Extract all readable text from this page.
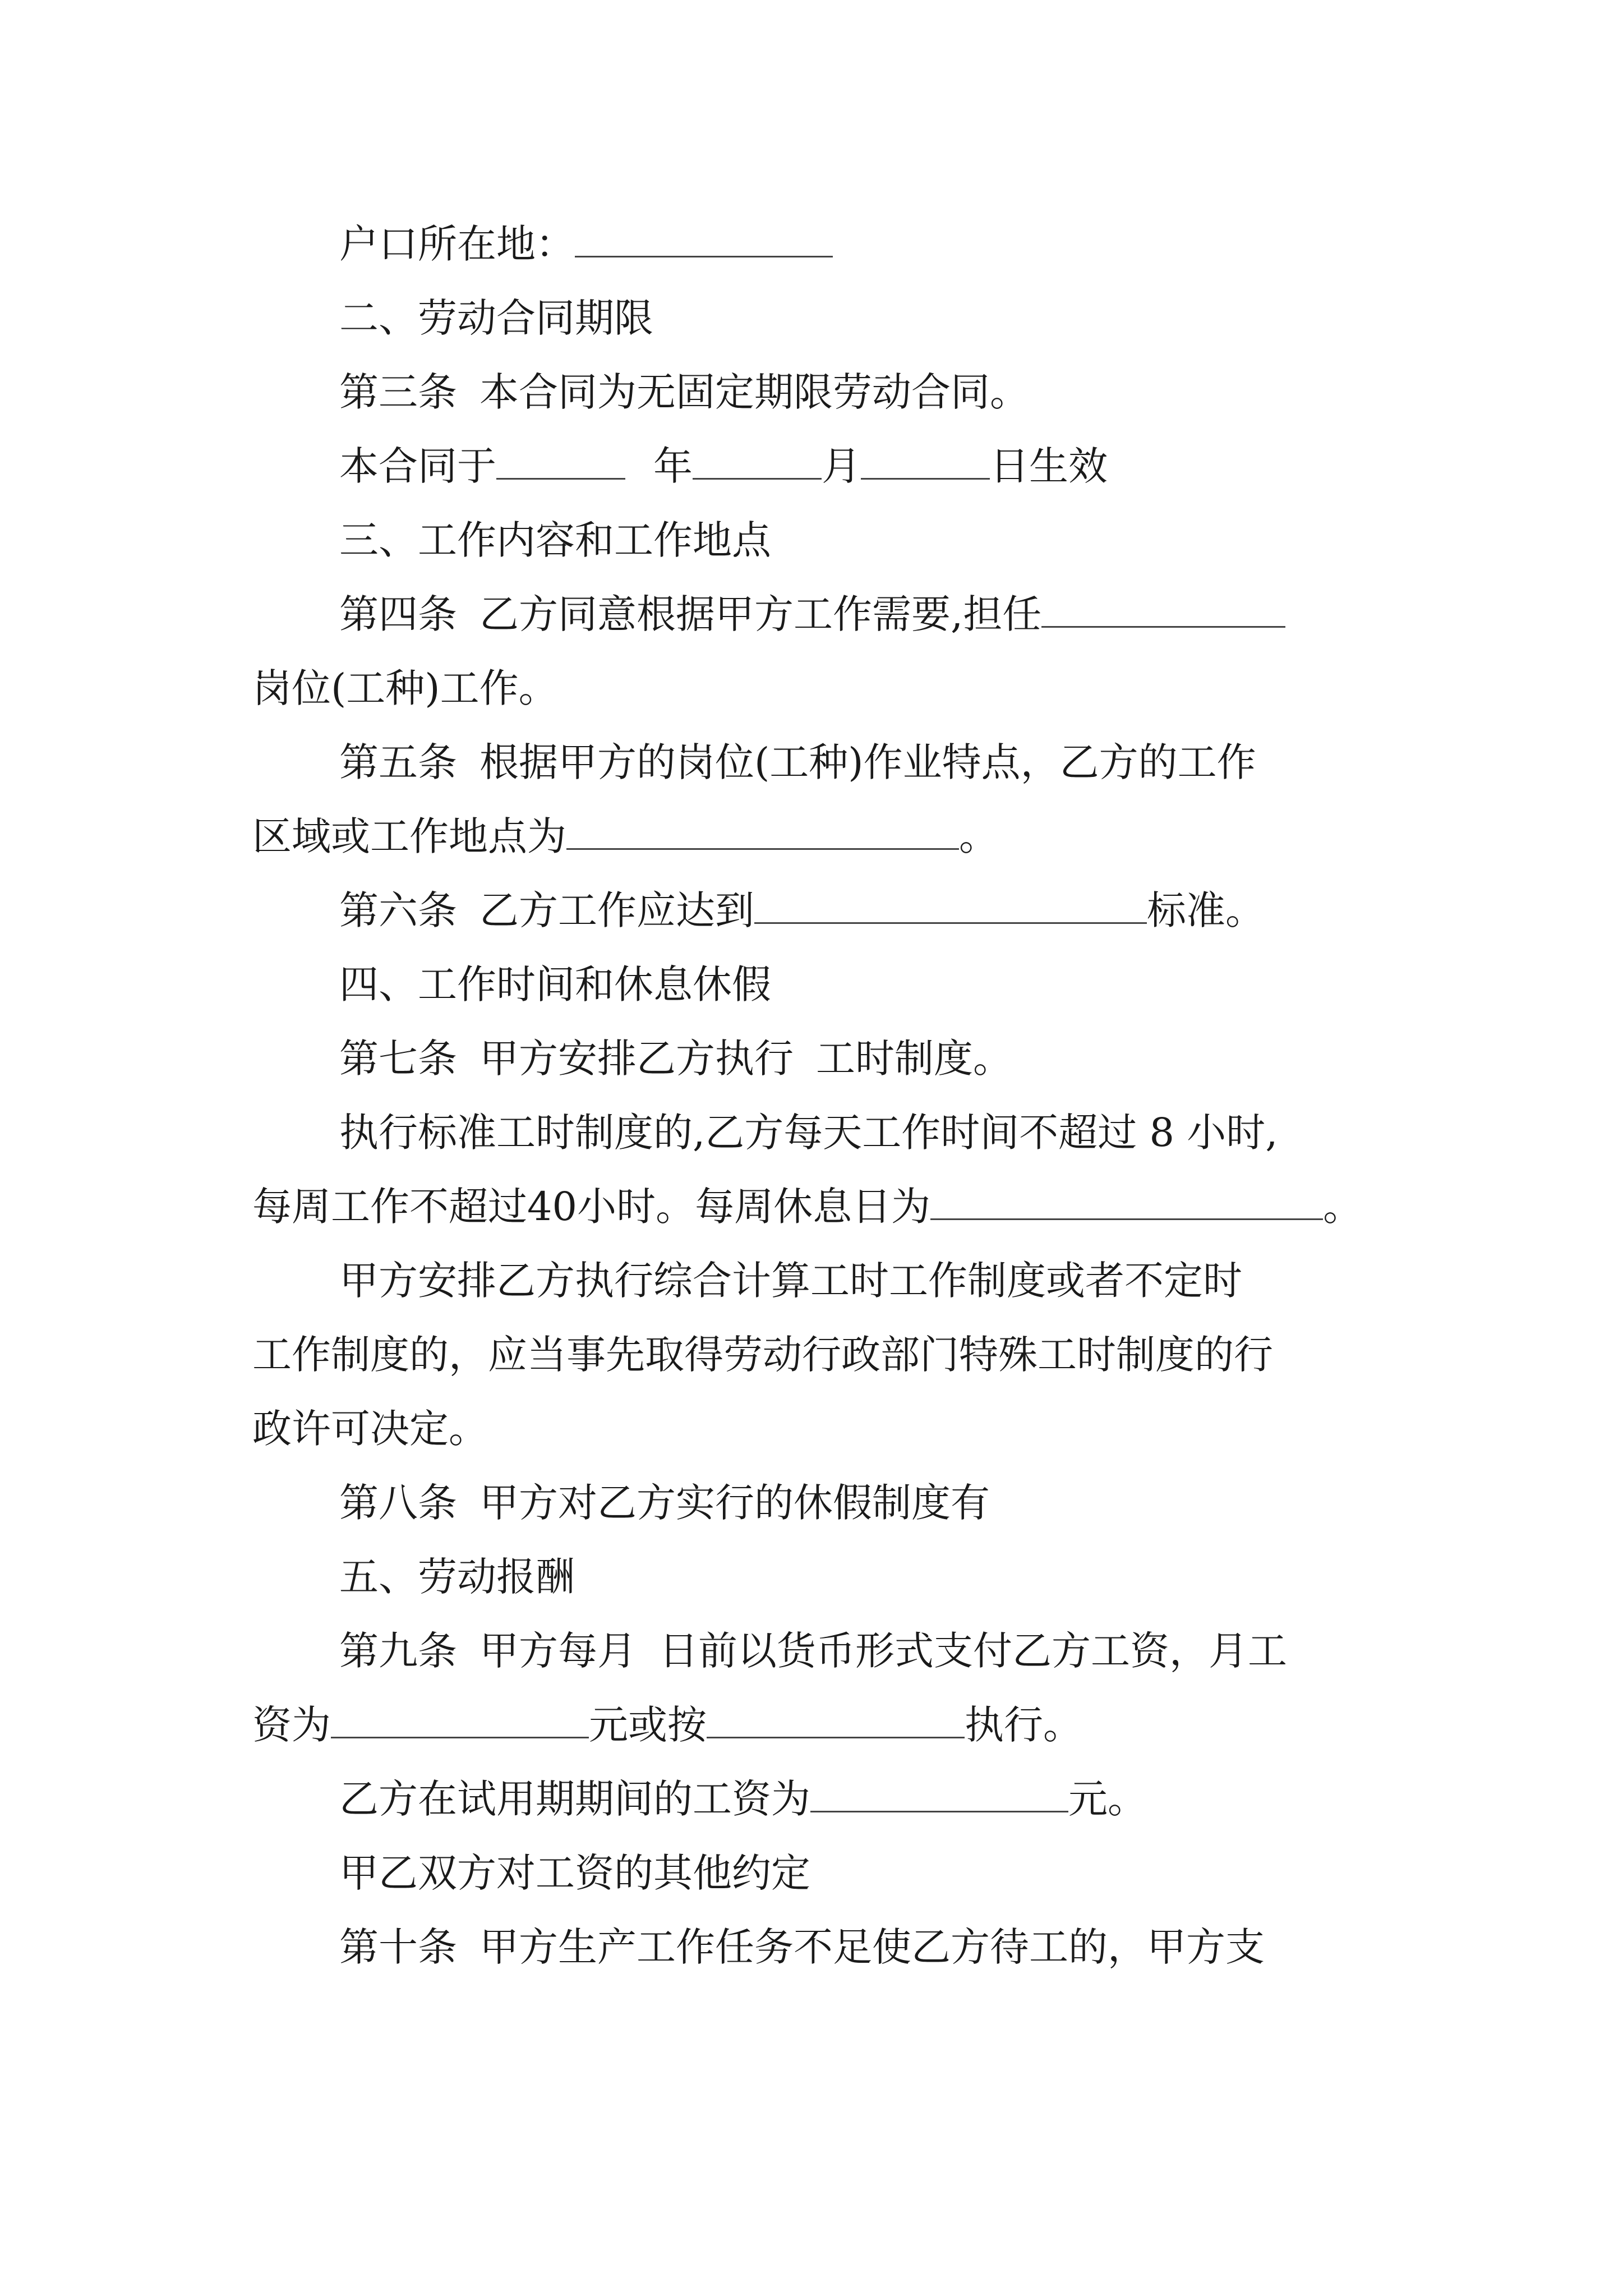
户口所在地：
二、劳动合同期限
第三条 本合同为无固定期限劳动合同。
本合同于	年	月	日生效
三、工作内容和工作地点
第四条 乙方同意根据甲方工作需要,担任
岗位(工种)工作。
第五条 根据甲方的岗位(工种)作业特点，乙方的工作
区域或工作地点为	。
第六条 乙方工作应达到	标准。
四、工作时间和休息休假
第七条 甲方安排乙方执行 工时制度。
执行标准工时制度的,乙方每天工作时间不超过 8 小时,
每周工作不超过40小时。每周休息日为	。
甲方安排乙方执行综合计算工时工作制度或者不定时
工作制度的，应当事先取得劳动行政部门特殊工时制度的行
政许可决定。
第八条 甲方对乙方实行的休假制度有
五、劳动报酬
第九条 甲方每月 日前以货币形式支付乙方工资，月工
资为	元或按	执行。
乙方在试用期期间的工资为	元。
甲乙双方对工资的其他约定
第十条 甲方生产工作任务不足使乙方待工的，甲方支
